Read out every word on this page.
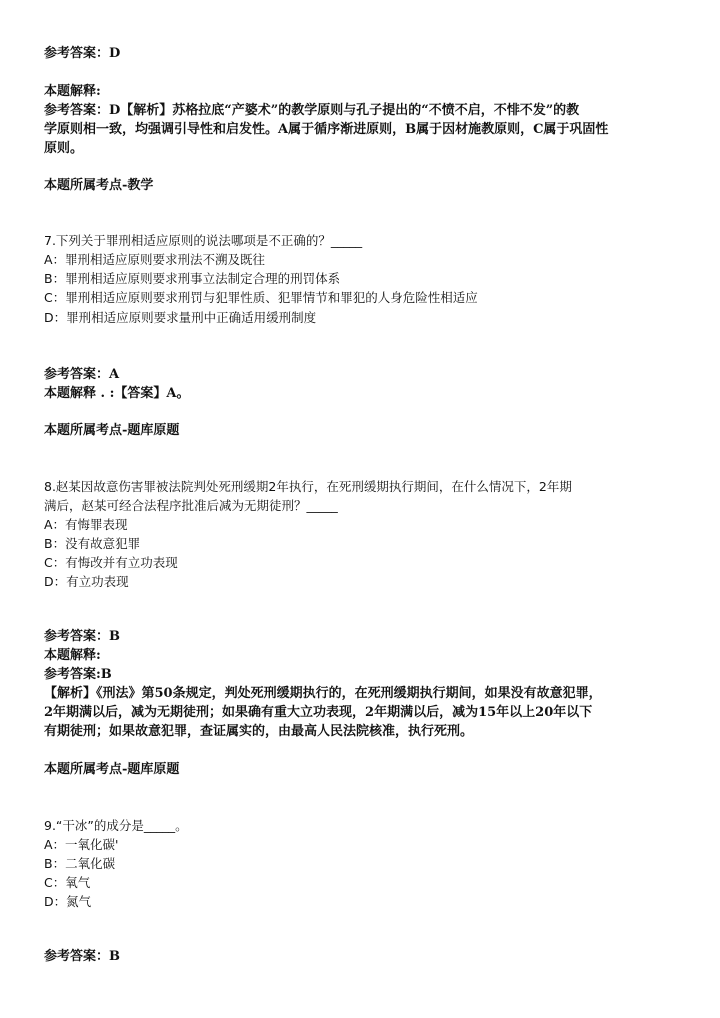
参考答案：D
本题解释:
参考答案：D【解析】苏格拉底“产婆术”的教学原则与孔子提出的“不愤不启，不悱不发”的教
学原则相一致，均强调引导性和启发性。A属于循序渐进原则，B属于因材施教原则，C属于巩固性
原则。
本题所属考点-教学
7.下列关于罪刑相适应原则的说法哪项是不正确的？_____
A：罪刑相适应原则要求刑法不溯及既往
B：罪刑相适应原则要求刑事立法制定合理的刑罚体系
C：罪刑相适应原则要求刑罚与犯罪性质、犯罪情节和罪犯的人身危险性相适应
D：罪刑相适应原则要求量刑中正确适用缓刑制度
参考答案：A
本题解释 . :【答案】A。
本题所属考点-题库原题
8.赵某因故意伤害罪被法院判处死刑缓期2年执行，在死刑缓期执行期间，在什么情况下，2年期
满后，赵某可经合法程序批准后减为无期徒刑？_____
A：有悔罪表现
B：没有故意犯罪
C：有悔改并有立功表现
D：有立功表现
参考答案：B
本题解释:
参考答案:B
【解析】《刑法》第50条规定，判处死刑缓期执行的，在死刑缓期执行期间，如果没有故意犯罪，
2年期满以后，减为无期徒刑；如果确有重大立功表现，2年期满以后，减为15年以上20年以下
有期徒刑；如果故意犯罪，查证属实的，由最高人民法院核准，执行死刑。
本题所属考点-题库原题
9.“干冰”的成分是_____。
A：一氧化碳'
B：二氧化碳
C：氧气
D：氮气
参考答案：B
